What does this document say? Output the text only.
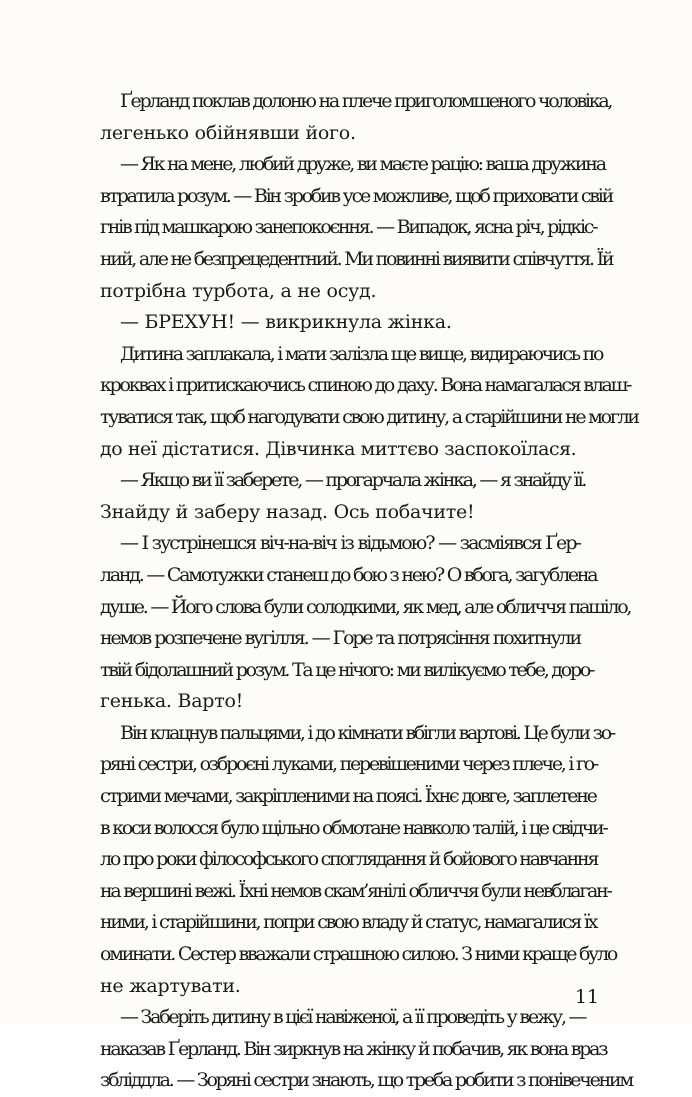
Ґерланд поклав долоню на плече приголомшеного чоловіка,
легенько обійнявши його.
— Як на мене, любий друже, ви маєте рацію: ваша дружина
втратила розум. — Він зробив усе можливе, щоб приховати свій
гнів під машкарою занепокоєння. — Випадок, ясна річ, рідкіс-
ний, але не безпрецедентний. Ми повинні виявити співчуття. Їй
потрібна турбота, а не осуд.
— БРЕХУН! — викрикнула жінка.
Дитина заплакала, і мати залізла ще вище, видираючись по
кроквах і притискаючись спиною до даху. Вона намагалася влаш-
туватися так, щоб нагодувати свою дитину, а старійшини не могли
до неї дістатися. Дівчинка миттєво заспокоїлася.
— Якщо ви її заберете, — прогарчала жінка, — я знайду її.
Знайду й заберу назад. Ось побачите!
— І зустрінешся віч-на-віч із відьмою? — засміявся Ґер-
ланд. — Самотужки станеш до бою з нею? О вбога, загублена
душе. — Його слова були солодкими, як мед, але обличчя пашіло,
немов розпечене вугілля. — Горе та потрясіння похитнули
твій бідолашний розум. Та це нічого: ми вилікуємо тебе, доро-
генька. Варто!
Він клацнув пальцями, і до кімнати вбігли вартові. Це були зо-
ряні сестри, озброєні луками, перевішеними через плече, і го-
стрими мечами, закріпленими на поясі. Їхнє довге, заплетене
в коси волосся було щільно обмотане навколо талій, і це свідчи-
ло про роки філософського споглядання й бойового навчання
на вершині вежі. Їхні немов скам’янілі обличчя були невблаган-
ними, і старійшини, попри свою владу й статус, намагалися їх
оминати. Сестер вважали страшною силою. З ними краще було
не жартувати.
— Заберіть дитину в цієї навіженої, а її проведіть у вежу, —
наказав Ґерланд. Він зиркнув на жінку й побачив, як вона враз
збліддла. — Зоряні сестри знають, що треба робити з понівеченим
11
